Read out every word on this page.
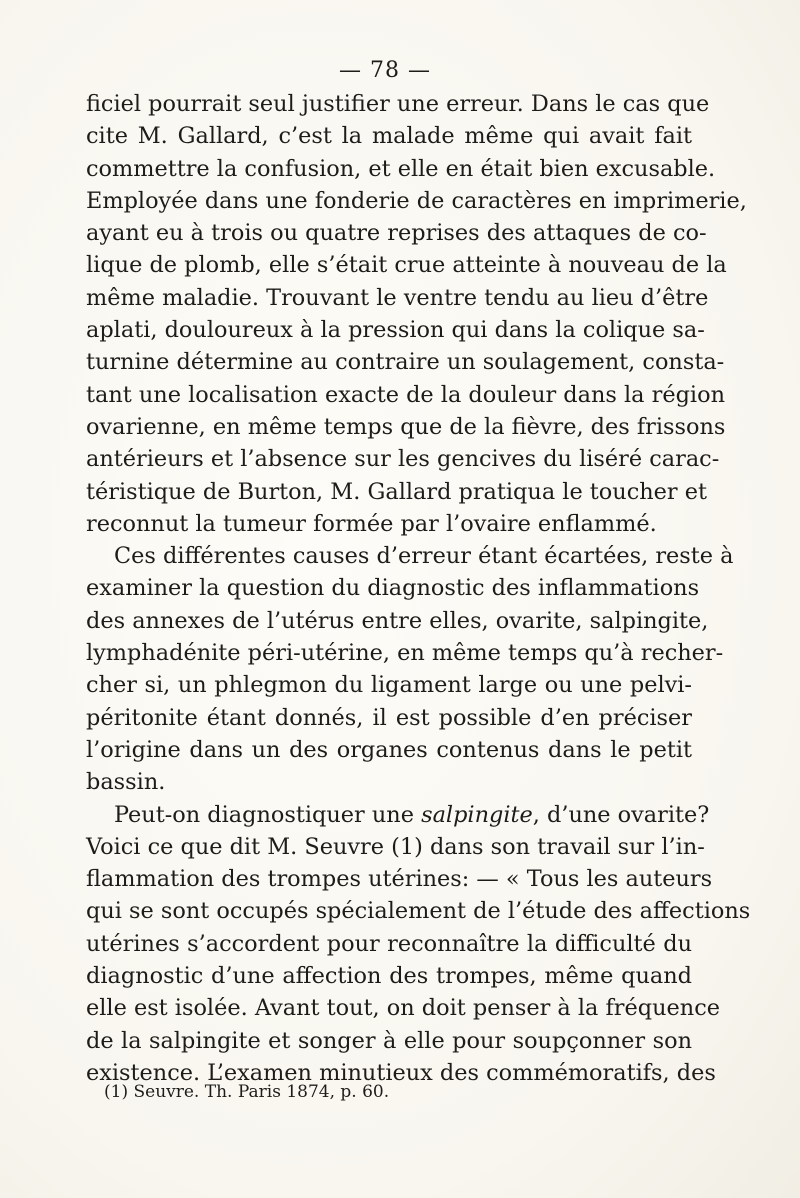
— 78 —
ficiel pourrait seul justifier une erreur. Dans le cas que
cite M. Gallard, c’est la malade même qui avait fait
commettre la confusion, et elle en était bien excusable.
Employée dans une fonderie de caractères en imprimerie,
ayant eu à trois ou quatre reprises des attaques de co-
lique de plomb, elle s’était crue atteinte à nouveau de la
même maladie. Trouvant le ventre tendu au lieu d’être
aplati, douloureux à la pression qui dans la colique sa-
turnine détermine au contraire un soulagement, consta-
tant une localisation exacte de la douleur dans la région
ovarienne, en même temps que de la fièvre, des frissons
antérieurs et l’absence sur les gencives du liséré carac-
téristique de Burton, M. Gallard pratiqua le toucher et
reconnut la tumeur formée par l’ovaire enflammé.
Ces différentes causes d’erreur étant écartées, reste à
examiner la question du diagnostic des inflammations
des annexes de l’utérus entre elles, ovarite, salpingite,
lymphadénite péri-utérine, en même temps qu’à recher-
cher si, un phlegmon du ligament large ou une pelvi-
péritonite étant donnés, il est possible d’en préciser
l’origine dans un des organes contenus dans le petit
bassin.
Peut-on diagnostiquer une salpingite, d’une ovarite?
Voici ce que dit M. Seuvre (1) dans son travail sur l’in-
flammation des trompes utérines: — « Tous les auteurs
qui se sont occupés spécialement de l’étude des affections
utérines s’accordent pour reconnaître la difficulté du
diagnostic d’une affection des trompes, même quand
elle est isolée. Avant tout, on doit penser à la fréquence
de la salpingite et songer à elle pour soupçonner son
existence. L’examen minutieux des commémoratifs, des
(1) Seuvre. Th. Paris 1874, p. 60.
